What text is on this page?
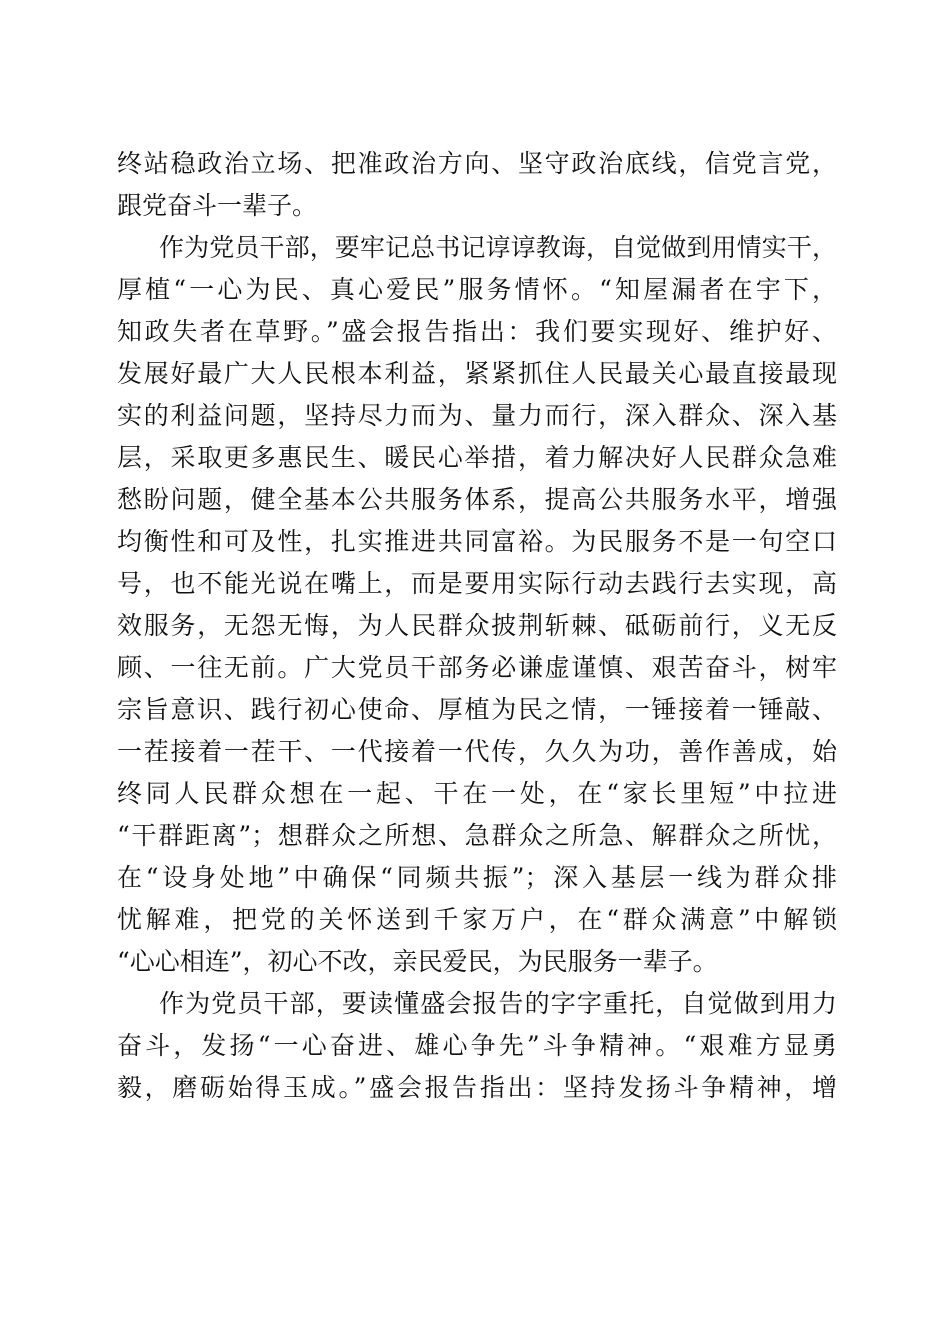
终站稳政治立场、把准政治方向、坚守政治底线，信党言党，
跟党奋斗一辈子。
作为党员干部，要牢记总书记谆谆教诲，自觉做到用情实干，
厚植“一心为民、真心爱民”服务情怀。“知屋漏者在宇下，
知政失者在草野。”盛会报告指出：我们要实现好、维护好、
发展好最广大人民根本利益，紧紧抓住人民最关心最直接最现
实的利益问题，坚持尽力而为、量力而行，深入群众、深入基
层，采取更多惠民生、暖民心举措，着力解决好人民群众急难
愁盼问题，健全基本公共服务体系，提高公共服务水平，增强
均衡性和可及性，扎实推进共同富裕。为民服务不是一句空口
号，也不能光说在嘴上，而是要用实际行动去践行去实现，高
效服务，无怨无悔，为人民群众披荆斩棘、砥砺前行，义无反
顾、一往无前。广大党员干部务必谦虚谨慎、艰苦奋斗，树牢
宗旨意识、践行初心使命、厚植为民之情，一锤接着一锤敲、
一茬接着一茬干、一代接着一代传，久久为功，善作善成，始
终同人民群众想在一起、干在一处，在“家长里短”中拉进
“干群距离”；想群众之所想、急群众之所急、解群众之所忧，
在“设身处地”中确保“同频共振”；深入基层一线为群众排
忧解难，把党的关怀送到千家万户，在“群众满意”中解锁
“心心相连”，初心不改，亲民爱民，为民服务一辈子。
作为党员干部，要读懂盛会报告的字字重托，自觉做到用力
奋斗，发扬“一心奋进、雄心争先”斗争精神。“艰难方显勇
毅，磨砺始得玉成。”盛会报告指出：坚持发扬斗争精神，增
